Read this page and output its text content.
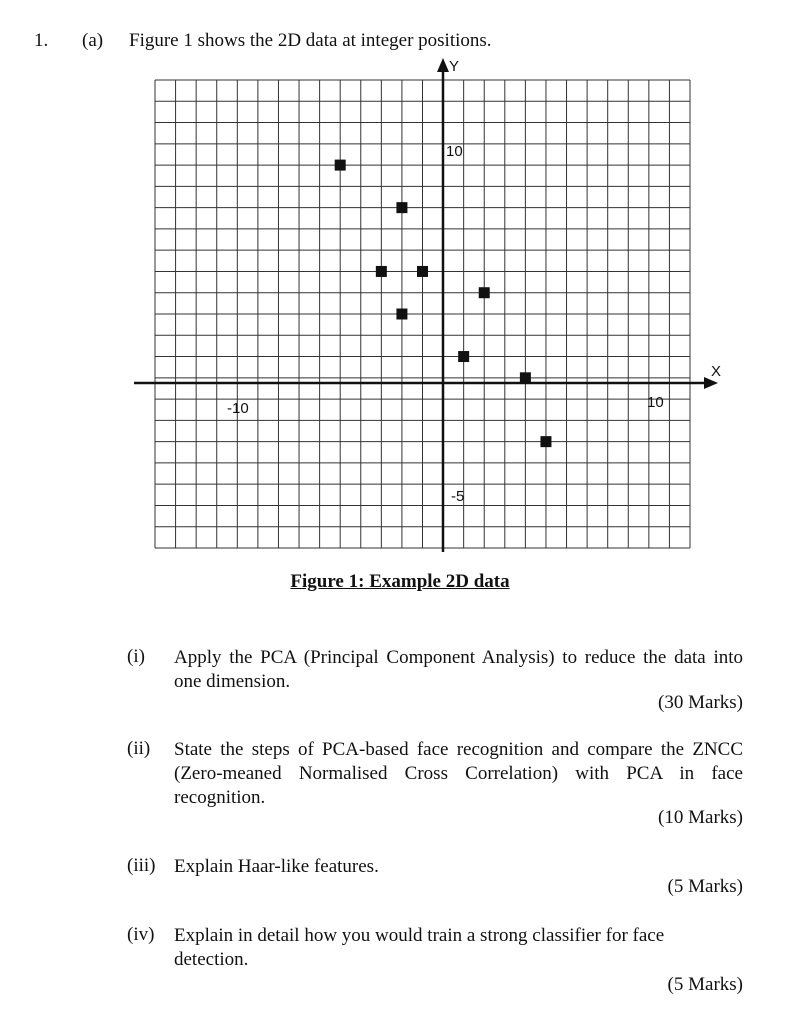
1. (a) Figure 1 shows the 2D data at integer positions.
X
Y
-10	10
10
-5
Figure 1: Example 2D data
(i) Apply the PCA (Principal Component Analysis) to reduce the data into one dimension.
(30 Marks)
(ii) State the steps of PCA-based face recognition and compare the ZNCC (Zero-meaned Normalised Cross Correlation) with PCA in face recognition.
(10 Marks)
(iii) Explain Haar-like features.
(5 Marks)
(iv) Explain in detail how you would train a strong classifier for face detection.
(5 Marks)
